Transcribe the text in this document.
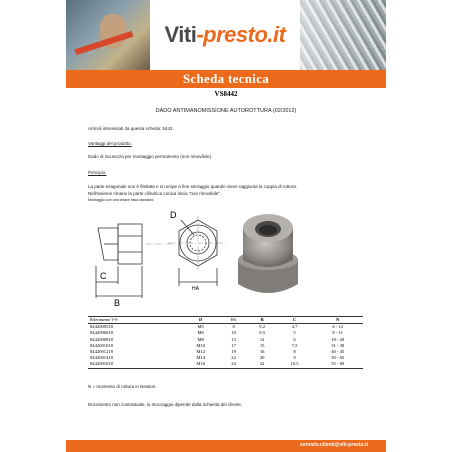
Viti-presto.it
Scheda tecnica
VS8442
DADO ANTIMANOMISSIONE AUTOROTTURA (02/2012)
Articoli interessati da questa scheda: 8442.
Vantaggi del prodotto:
Dado di sicurezza per montaggio permanente (non rimovibile).
Principio:
La parte esagonale non è filettata e si rompe a fine serraggio quando viene raggiunta la coppia di rottura.
Nell'insieme rimane la parte cilindrica conica liscia "non rimovibile".
Montaggio con una chiave fissa standard.
C
B
D
HA
Riferimento V-S	D	HA	B	C	N
8442000518	M5	8	9,2	4,7	6 - 12
8442000618	M6	10	9,5	5	8 - 11
8442000818	M8	13	12	6	18 - 20
8442001018	M10	17	15	7,5	31 - 38
8442001218	M12	19	16	8	40 - 45
8442001418	M14	22	20	9	50 - 65
8442001618	M16	24	22	10,5	55 - 80
N = momento di rottura in Newton.
Documento non contrattuale, lo stoccaggio dipende dalla richiesta del cliente.
servizio.clienti@viti-presto.it
